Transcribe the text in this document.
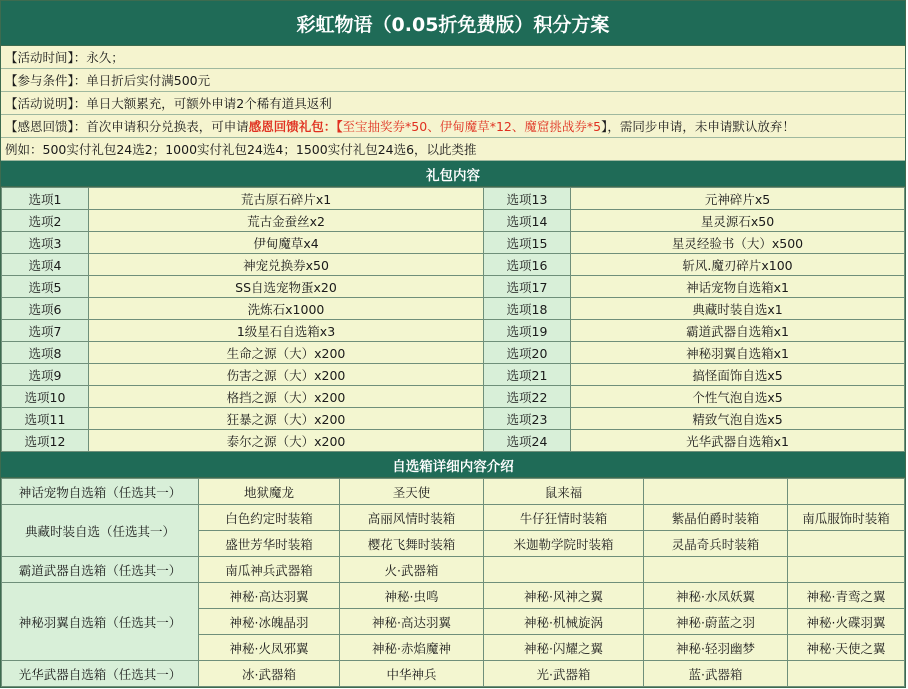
彩虹物语（0.05折免费版）积分方案
【活动时间】：永久；
【参与条件】：单日折后实付满500元
【活动说明】：单日大额累充，可额外申请2个稀有道具返利
【感恩回馈】：首次申请积分兑换表，可申请 感恩回馈礼包 ：【 至宝抽奖券*50、伊甸魔草*12、魔窟挑战券*5 】，需同步申请，未申请默认放弃！
例如：500实付礼包24选2；1000实付礼包24选4；1500实付礼包24选6，以此类推
礼包内容
选项1	荒古原石碎片x1	选项13	元神碎片x5
选项2	荒古金蚕丝x2	选项14	星灵源石x50
选项3	伊甸魔草x4	选项15	星灵经验书（大）x500
选项4	神宠兑换券x50	选项16	斩风.魔刃碎片x100
选项5	SS自选宠物蛋x20	选项17	神话宠物自选箱x1
选项6	洗炼石x1000	选项18	典藏时装自选x1
选项7	1级星石自选箱x3	选项19	霸道武器自选箱x1
选项8	生命之源（大）x200	选项20	神秘羽翼自选箱x1
选项9	伤害之源（大）x200	选项21	搞怪面饰自选x5
选项10	格挡之源（大）x200	选项22	个性气泡自选x5
选项11	狂暴之源（大）x200	选项23	精致气泡自选x5
选项12	泰尔之源（大）x200	选项24	光华武器自选箱x1
自选箱详细内容介绍
神话宠物自选箱（任选其一）	地狱魔龙	圣天使	鼠来福		
典藏时装自选（任选其一）	白色约定时装箱	高丽风情时装箱	牛仔狂情时装箱	紫晶伯爵时装箱	南瓜服饰时装箱
	盛世芳华时装箱	樱花飞舞时装箱	米迦勒学院时装箱	灵晶奇兵时装箱	
霸道武器自选箱（任选其一）	南瓜神兵武器箱	火·武器箱			
神秘羽翼自选箱（任选其一）	神秘·高达羽翼	神秘·虫鸣	神秘·风神之翼	神秘·水凤妖翼	神秘·青鸾之翼
	神秘·冰魄晶羽	神秘·高达羽翼	神秘·机械旋涡	神秘·蔚蓝之羽	神秘·火碟羽翼
	神秘·火凤邪翼	神秘·赤焰魔神	神秘·闪耀之翼	神秘·轻羽幽梦	神秘·天使之翼
光华武器自选箱（任选其一）	冰·武器箱	中华神兵	光·武器箱	蓝·武器箱	
